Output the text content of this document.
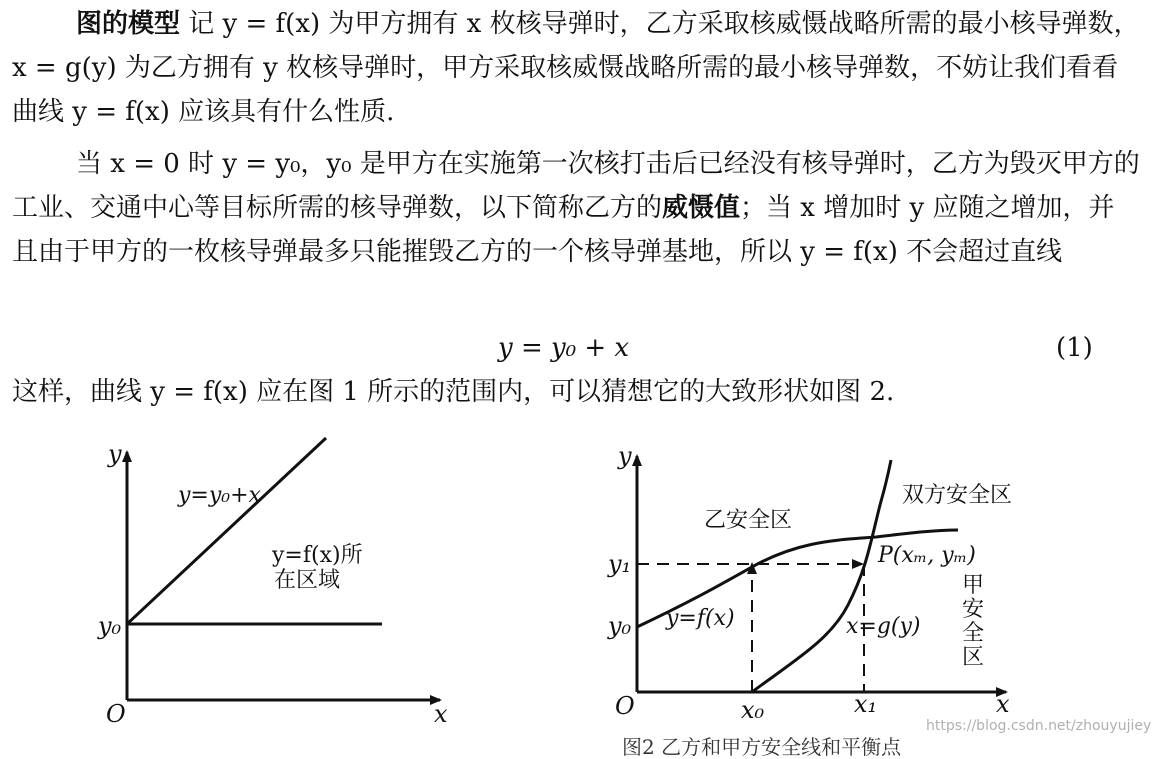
图的模型 记 y = f(x) 为甲方拥有 x 枚核导弹时，乙方采取核威慑战略所需的最小核导弹数，x = g(y) 为乙方拥有 y 枚核导弹时，甲方采取核威慑战略所需的最小核导弹数，不妨让我们看看曲线 y = f(x) 应该具有什么性质.
当 x = 0 时 y = y₀，y₀ 是甲方在实施第一次核打击后已经没有核导弹时，乙方为毁灭甲方的工业、交通中心等目标所需的核导弹数，以下简称乙方的威慑值；当 x 增加时 y 应随之增加，并且由于甲方的一枚核导弹最多只能摧毁乙方的一个核导弹基地，所以 y = f(x) 不会超过直线
y = y₀ + x	(1)
这样，曲线 y = f(x) 应在图 1 所示的范围内，可以猜想它的大致形状如图 2.
y
x
O
y₀
y=y₀+x
y=f(x)所
在区域
y
x
O
y₀
y₁
x₀	x₁
双方安全区
乙安全区
y=f(x)	x=g(y)
P(xₘ, yₘ)
甲安全区
https://blog.csdn.net/zhouyujiey
图2 乙方和甲方安全线和平衡点
